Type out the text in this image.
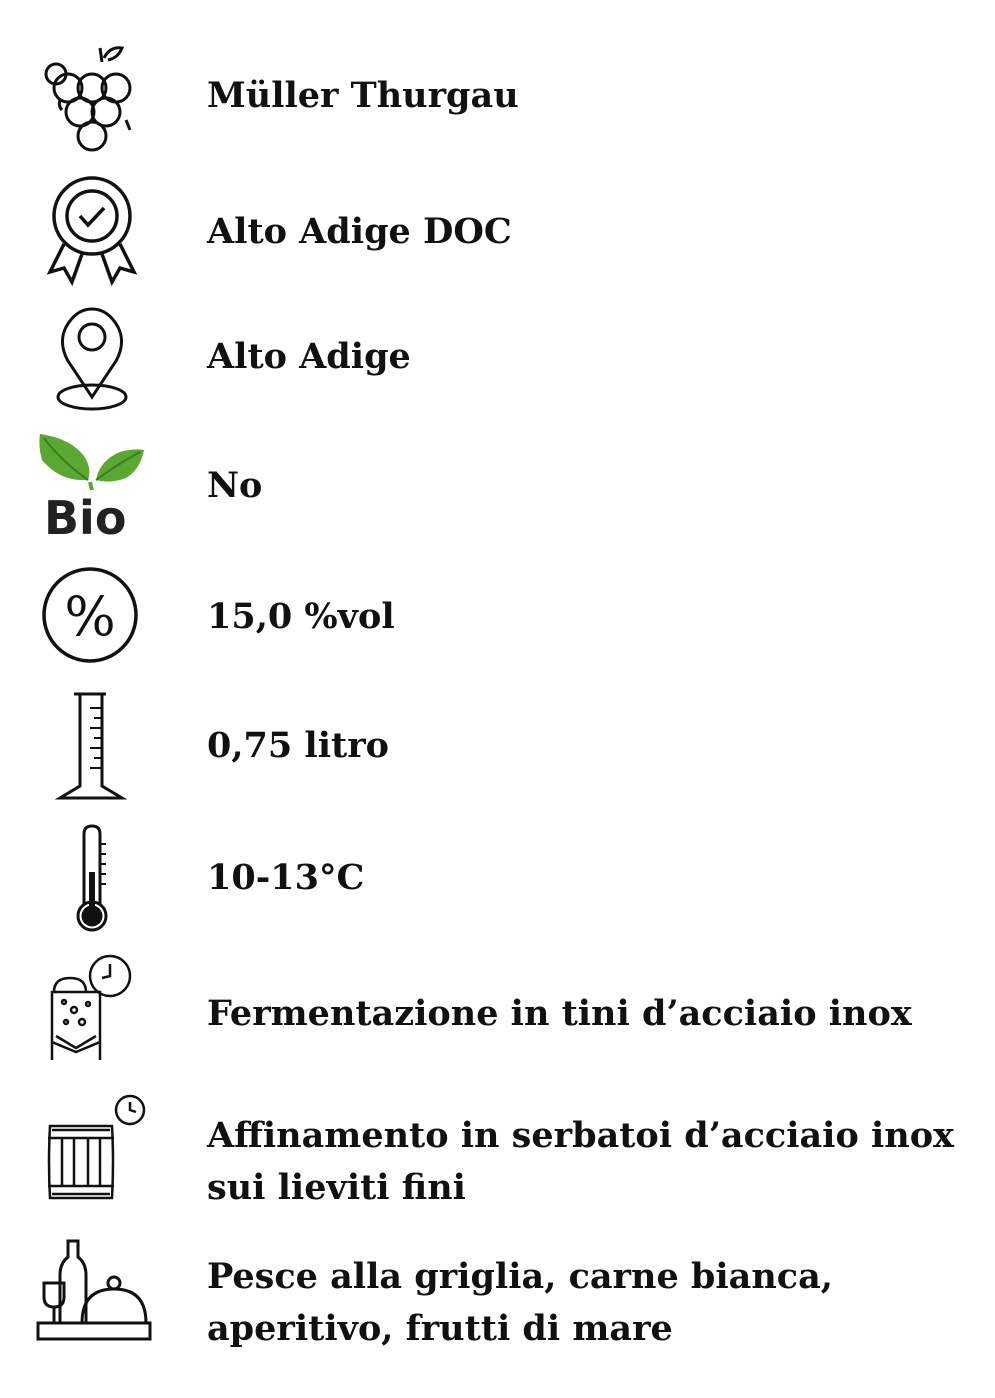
Müller Thurgau
Alto Adige DOC
Alto Adige
Bio
No
%	15,0 %vol
0,75 litro
10-13°C
Fermentazione in tini d’acciaio inox
Affinamento in serbatoi d’acciaio inox
sui lieviti fini
Pesce alla griglia, carne bianca,
aperitivo, frutti di mare
